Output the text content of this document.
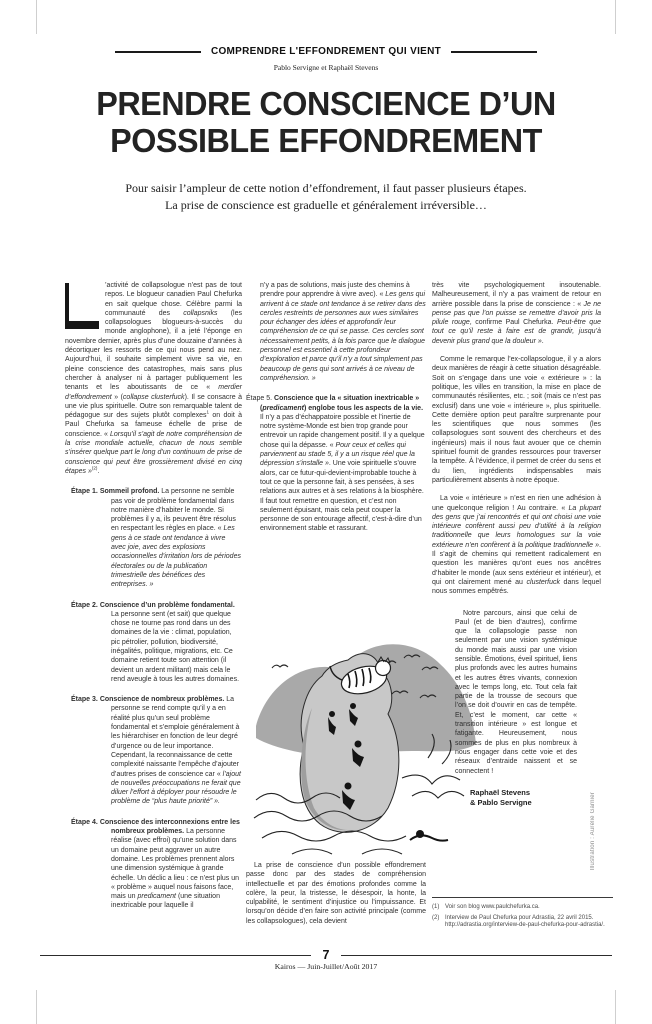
COMPRENDRE L'EFFONDREMENT QUI VIENT
Pablo Servigne et Raphaël Stevens
PRENDRE CONSCIENCE D’UN
POSSIBLE EFFONDREMENT
Pour saisir l’ampleur de cette notion d’effondrement, il faut passer plusieurs étapes.
La prise de conscience est graduelle et généralement irréversible…
’activité de collapsologue n’est pas de tout repos. Le blogueur canadien Paul Chefurka en sait quelque chose. Célèbre parmi la communauté des collapsniks (les collapsologues blogueurs-à-succès du monde anglophone), il a jeté l’éponge en novembre dernier, après plus d’une douzaine d’années à décortiquer les ressorts de ce qui nous pend au nez. Aujourd’hui, il souhaite simplement vivre sa vie, en pleine conscience des catastrophes, mais sans plus chercher à analyser ni à partager publiquement les tenants et les aboutissants de ce « merdier d’effondrement » (collapse clusterfuck). Il se consacre à une vie plus spirituelle. Outre son remarquable talent de pédagogue sur des sujets plutôt complexes$^1$ on doit à Paul Chefurka sa fameuse échelle de prise de conscience. « Lorsqu’il s’agit de notre compréhension de la crise mondiale actuelle, chacun de nous semble s’insérer quelque part le long d’un continuum de prise de conscience qui peut être grossièrement divisé en cinq étapes »$^{(2)}$.
Étape 1. Sommeil profond. La personne ne semble pas voir de problème fondamental dans notre manière d’habiter le monde. Si problèmes il y a, ils peuvent être résolus en respectant les règles en place. « Les gens à ce stade ont tendance à vivre avec joie, avec des explosions occasionnelles d’irritation lors de périodes électorales ou de la publication trimestrielle des bénéfices des entreprises. »
Étape 2. Conscience d’un problème fondamental. La personne sent (et sait) que quelque chose ne tourne pas rond dans un des domaines de la vie : climat, population, pic pétrolier, pollution, biodiversité, inégalités, politique, migrations, etc. Ce domaine retient toute son attention (il devient un ardent militant) mais cela le rend aveugle à tous les autres domaines.
Étape 3. Conscience de nombreux problèmes. La personne se rend compte qu’il y a en réalité plus qu’un seul problème fondamental et s’emploie généralement à les hiérarchiser en fonction de leur degré d’urgence ou de leur importance. Cependant, la reconnaissance de cette complexité naissante l’empêche d’ajouter d’autres prises de conscience car « l’ajout de nouvelles préoccupations ne ferait que diluer l’effort à déployer pour résoudre le problème de “plus haute priorité” ».
Étape 4. Conscience des interconnexions entre les nombreux problèmes. La personne réalise (avec effroi) qu’une solution dans un domaine peut aggraver un autre domaine. Les problèmes prennent alors une dimension systémique à grande échelle. Un déclic a lieu : ce n’est plus un « problème » auquel nous faisons face, mais un predicament (une situation inextricable pour laquelle il
n’y a pas de solutions, mais juste des chemins à prendre pour apprendre à vivre avec). « Les gens qui arrivent à ce stade ont tendance à se retirer dans des cercles restreints de personnes aux vues similaires pour échanger des idées et approfondir leur compréhension de ce qui se passe. Ces cercles sont nécessairement petits, à la fois parce que le dialogue personnel est essentiel à cette profondeur d’exploration et parce qu’il n’y a tout simplement pas beaucoup de gens qui sont arrivés à ce niveau de compréhension. »
Étape 5. Conscience que la « situation inextricable » (predicament) englobe tous les aspects de la vie. Il n’y a pas d’échappatoire possible et l’inertie de notre système-Monde est bien trop grande pour entrevoir un rapide changement positif. Il y a quelque chose qui la dépasse. « Pour ceux et celles qui parviennent au stade 5, il y a un risque réel que la dépression s’installe ». Une voie spirituelle s’ouvre alors, car ce futur-qui-devient-improbable touche à tout ce que la personne fait, à ses pensées, à ses relations aux autres et à ses relations à la biosphère. Il faut tout remettre en question, et c’est non seulement épuisant, mais cela peut couper la personne de son entourage affectif, c’est-à-dire d’un environnement stable et rassurant.
La prise de conscience d’un possible effondrement passe donc par des stades de compréhension intellectuelle et par des émotions profondes comme la colère, la peur, la tristesse, le désespoir, la honte, la culpabilité, le sentiment d’injustice ou l’impuissance. Et lorsqu’on décide d’en faire son activité principale (comme les collapsologues), cela devient
très vite psychologiquement insoutenable. Malheureusement, il n’y a pas vraiment de retour en arrière possible dans la prise de conscience : « Je ne pense pas que l’on puisse se remettre d’avoir pris la pilule rouge, confirme Paul Chefurka. Peut-être que tout ce qu’il reste à faire est de grandir, jusqu’à devenir plus grand que la douleur ».
Comme le remarque l’ex-collapsologue, il y a alors deux manières de réagir à cette situation désagréable. Soit on s’engage dans une voie « extérieure » : la politique, les villes en transition, la mise en place de communautés résilientes, etc. ; soit (mais ce n’est pas exclusif) dans une voie « intérieure », plus spirituelle. Cette dernière option peut paraître surprenante pour les scientifiques que nous sommes (les collapsologues sont souvent des chercheurs et des ingénieurs) mais il nous faut avouer que ce chemin spirituel fournit de grandes ressources pour traverser la tempête. À l’évidence, il permet de créer du sens et du lien, ingrédients indispensables mais particulièrement absents à notre époque.
La voie « intérieure » n’est en rien une adhésion à une quelconque religion ! Au contraire. « La plupart des gens que j’ai rencontrés et qui ont choisi une voie intérieure confèrent aussi peu d’utilité à la religion traditionnelle que leurs homologues sur la voie extérieure n’en confèrent à la politique traditionnelle ». Il s’agit de chemins qui remettent radicalement en question les manières qu’ont eues nos ancêtres d’habiter le monde (aux sens extérieur et intérieur), et qui ont clairement mené au clusterfuck dans lequel nous sommes empêtrés.
Notre parcours, ainsi que celui de Paul (et de bien d’autres), confirme que la collapsologie passe non seulement par une vision systémique du monde mais aussi par une vision sensible. Émotions, éveil spirituel, liens plus profonds avec les autres humains et les autres êtres vivants, connexion avec le temps long, etc. Tout cela fait partie de la trousse de secours que l’on se doit d’ouvrir en cas de tempête. Et, c’est le moment, car cette « transition intérieure » est longue et fatigante. Heureusement, nous sommes de plus en plus nombreux à nous engager dans cette voie et des réseaux d’entraide naissent et se connectent !
Raphaël Stevens
& Pablo Servigne	Illustration : Aurélie Garnier
(1) Voir son blog www.paulchefurka.ca.
(2) Interview de Paul Chefurka pour Adrastia, 22 avril 2015. http://adrastia.org/interview-de-paul-chefurka-pour-adrastia/.
7
Kairos — Juin-Juillet/Août 2017
